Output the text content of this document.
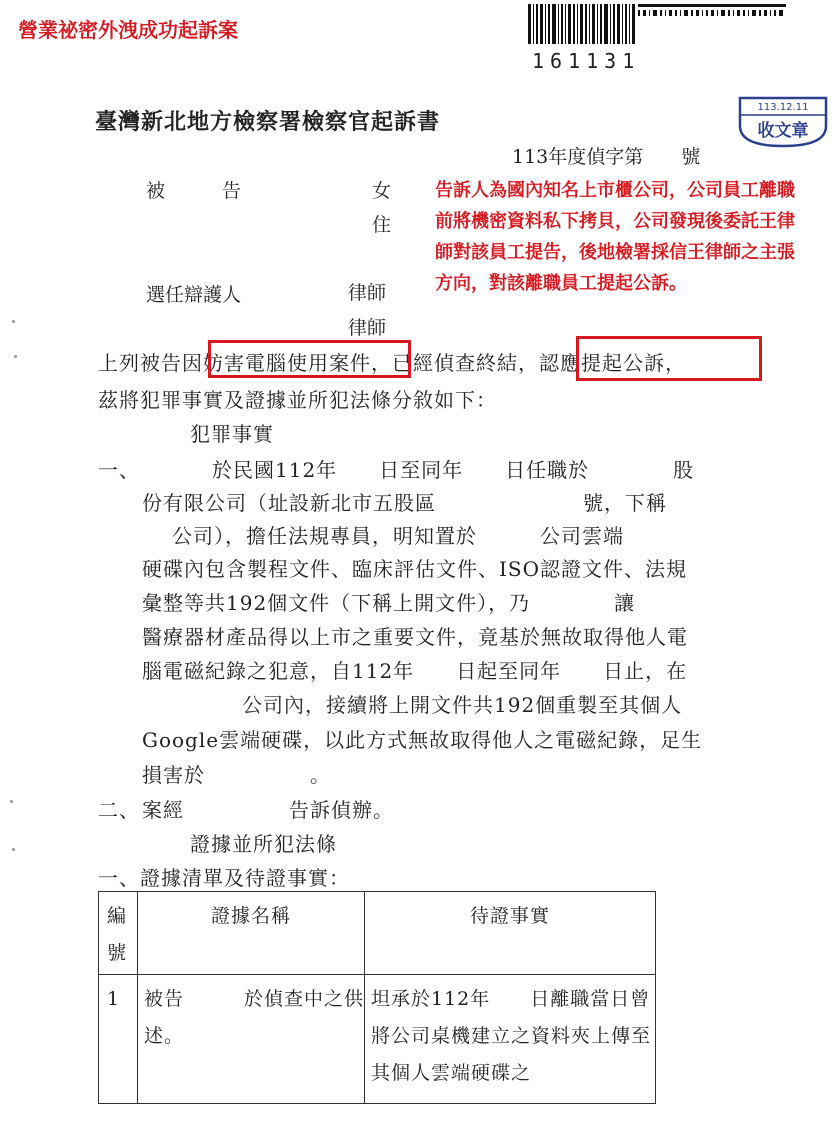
營業祕密外洩成功起訴案
161131
臺灣新北地方檢察署檢察官起訴書
113.12.11
收文章
113年度偵字第　　號
被　　　告	女
住
選任辯護人	律師
律師
告訴人為國內知名上市櫃公司，公司員工離職前將機密資料私下拷貝，公司發現後委託王律師對該員工提告，後地檢署採信王律師之主張方向，對該離職員工提起公訴。
上列被告因妨害電腦使用案件，已經偵查終結，認應提起公訴，
茲將犯罪事實及證據並所犯法條分敘如下：
犯罪事實
一、	於民國112年　　日至同年　　日任職於　　　　股
份有限公司（址設新北市五股區　　　　　　　號，下稱
公司），擔任法規專員，明知置於　　　公司雲端
硬碟內包含製程文件、臨床評估文件、ISO認證文件、法規
彙整等共192個文件（下稱上開文件），乃　　　　讓
醫療器材產品得以上市之重要文件，竟基於無故取得他人電
腦電磁紀錄之犯意，自112年　　日起至同年　　日止，在
公司內，接續將上開文件共192個重製至其個人
Google雲端硬碟，以此方式無故取得他人之電磁紀錄，足生
損害於　　　　　。
二、 案經　　　　　告訴偵辦。
證據並所犯法條
一、證據清單及待證事實：
編號	證據名稱	待證事實

1	被告　　　於偵查中之供述。	坦承於112年　　日離職當日曾將公司桌機建立之資料夾上傳至其個人雲端硬碟之
